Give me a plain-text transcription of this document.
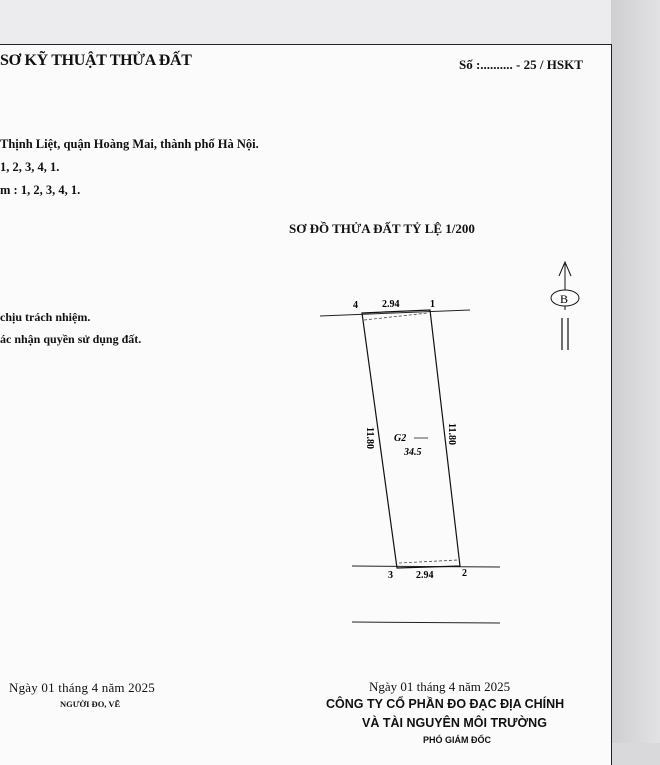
SƠ KỸ THUẬT THỬA ĐẤT	Số :.......... - 25 / HSKT
Thịnh Liệt, quận Hoàng Mai, thành phố Hà Nội.
1, 2, 3, 4, 1.
m : 1, 2, 3, 4, 1.
chịu trách nhiệm.
ác nhận quyền sử dụng đất.
SƠ ĐỒ THỬA ĐẤT TỶ LỆ 1/200
4	1
3	2
2.94
2.94
11.80	11.80
G2
34.5
B
Ngày 01 tháng 4 năm 2025
NGƯỜI ĐO, VẼ
Ngày 01 tháng 4 năm 2025
CÔNG TY CỔ PHẦN ĐO ĐẠC ĐỊA CHÍNH
VÀ TÀI NGUYÊN MÔI TRƯỜNG
PHÓ GIÁM ĐỐC
